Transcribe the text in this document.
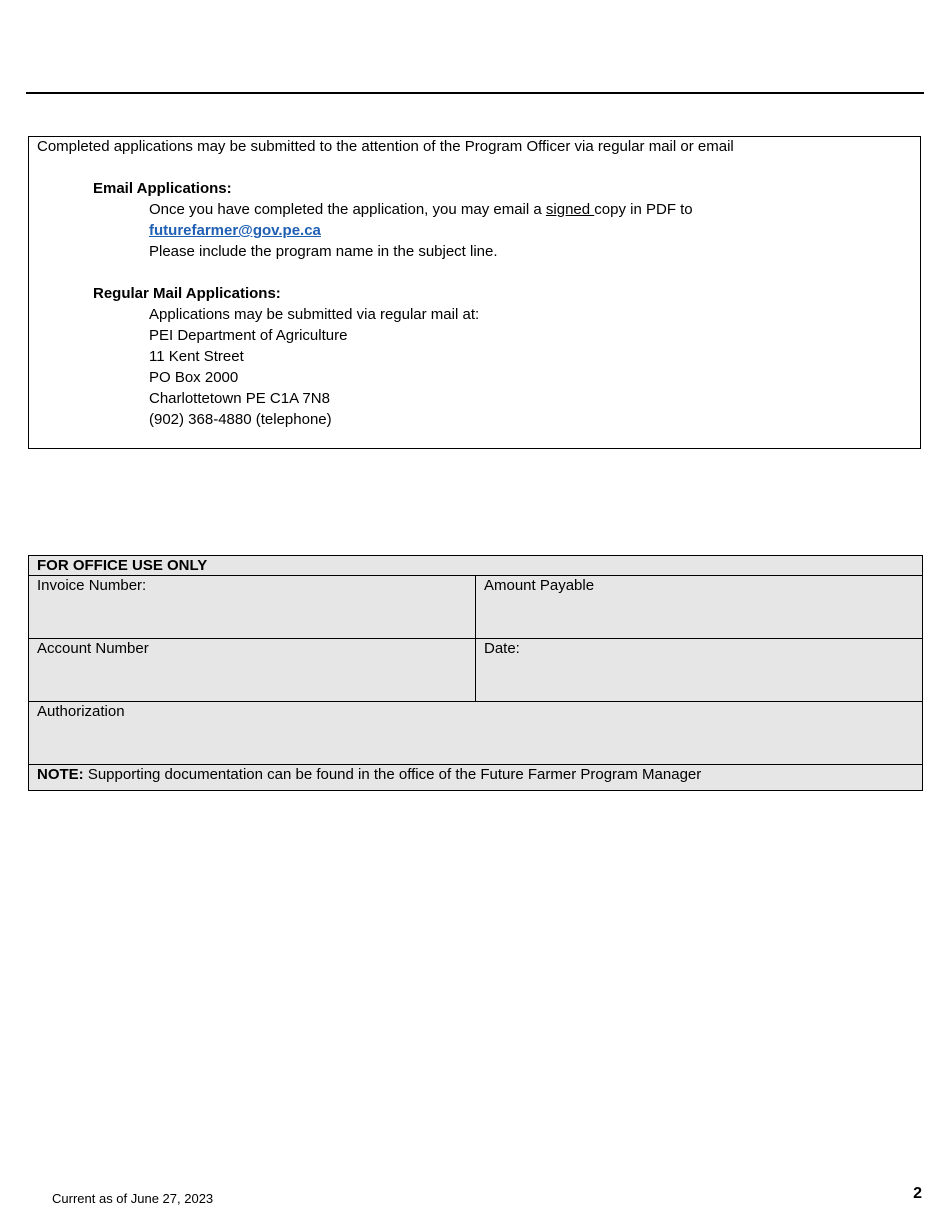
Completed applications may be submitted to the attention of the Program Officer via regular mail or email
Email Applications:
Once you have completed the application, you may email a signed copy in PDF to
futurefarmer@gov.pe.ca
Please include the program name in the subject line.
Regular Mail Applications:
Applications may be submitted via regular mail at:
PEI Department of Agriculture
11 Kent Street
PO Box 2000
Charlottetown PE C1A 7N8
(902) 368-4880 (telephone)
FOR OFFICE USE ONLY	
Invoice Number:	Amount Payable
Account Number	Date:
Authorization	
NOTE: Supporting documentation can be found in the office of the Future Farmer Program Manager	
Current as of June 27, 2023	2
